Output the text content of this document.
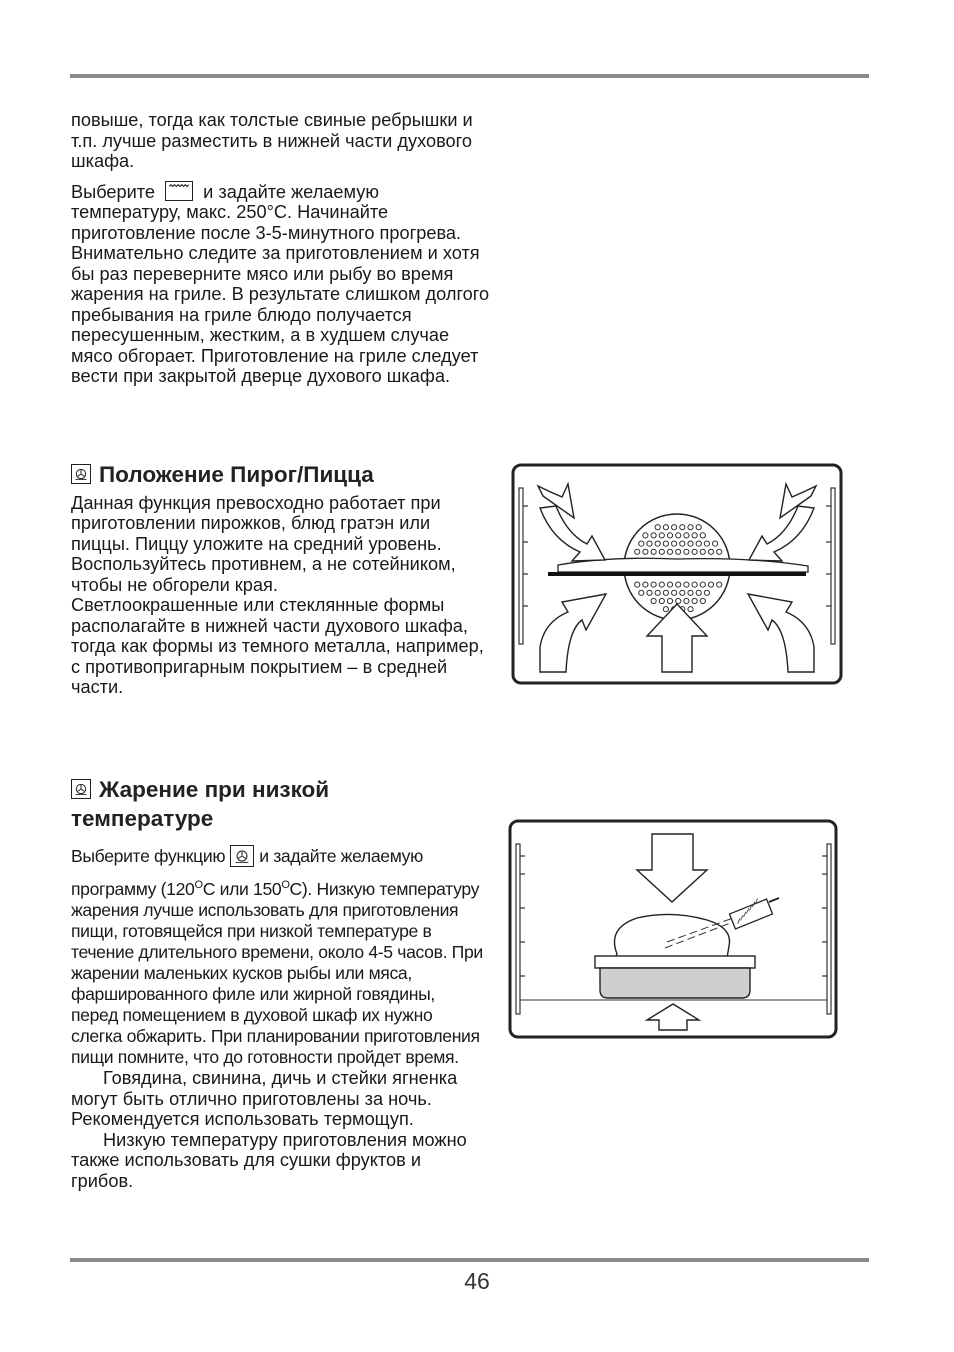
повыше, тогда как толстые свиные ребрышки и т.п. лучше разместить в нижней части духового шкафа.

Выберите	и задайте желаемую температуру, макс. 250°С. Начинайте приготовление после 3-5-минутного прогрева. Внимательно следите за приготовлением и хотя бы раз переверните мясо или рыбу во время жарения на гриле. В результате слишком долгого пребывания на гриле блюдо получается пересушенным, жестким, а в худшем случае мясо обгорает. Приготовление на гриле следует вести при закрытой дверце духового шкафа.

Положение Пирог/Пицца

Данная функция превосходно работает при приготовлении пирожков, блюд гратэн или пиццы. Пиццу уложите на средний уровень. Воспользуйтесь противнем, а не сотейником, чтобы не обгорели края.

Светлоокрашенные или стеклянные формы располагайте в нижней части духового шкафа, тогда как формы из темного металла, например, с противопригарным покрытием – в средней части.

Жарение при низкой
температуре

Выберите функцию и задайте желаемую
программу ($120^OC$ или $150^OC$). Низкую температуру жарения лучше использовать для приготовления пищи, готовящейся при низкой температуре в течение длительного времени, около 4-5 часов. При жарении маленьких кусков рыбы или мяса, фаршированного филе или жирной говядины, перед помещением в духовой шкаф их нужно слегка обжарить. При планировании приготовления пищи помните, что до готовности пройдет время.

Говядина, свинина, дичь и стейки ягненка могут быть отлично приготовлены за ночь. Рекомендуется использовать термощуп.

Низкую температуру приготовления можно также использовать для сушки фруктов и грибов.

46
